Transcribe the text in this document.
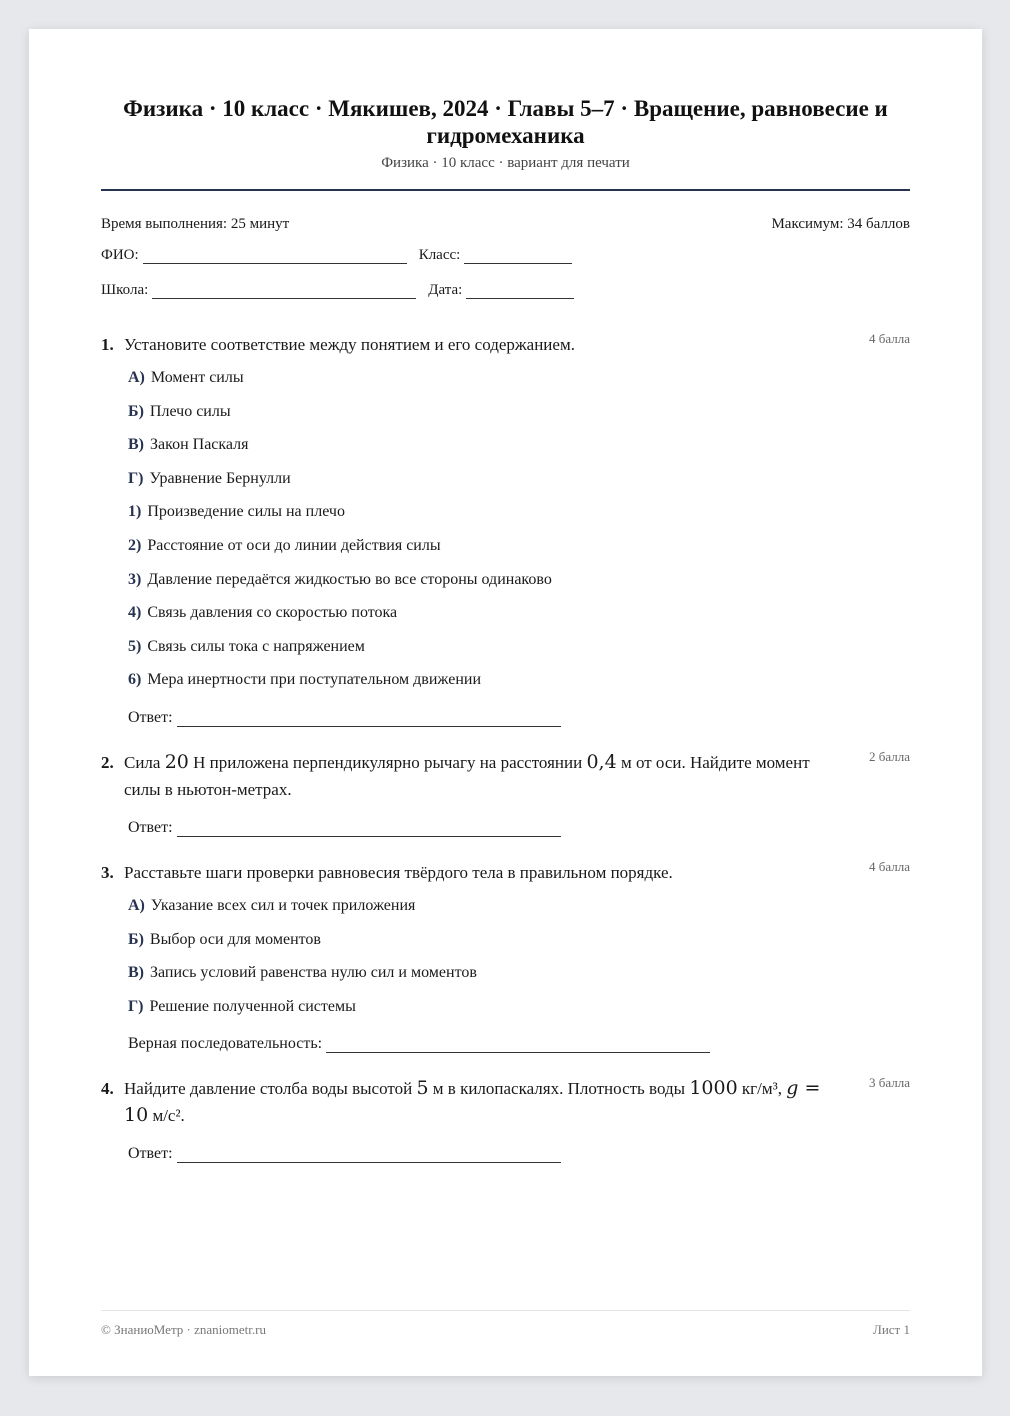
Физика · 10 класс · Мякишев, 2024 · Главы 5–7 · Вращение, равновесие и гидромеханика
Физика · 10 класс · вариант для печати
Время выполнения: 25 минут	Максимум: 34 баллов
ФИО:	Класс:
Школа:	Дата:
1. Установите соответствие между понятием и его содержанием.	4 балла
А) Момент силы
Б) Плечо силы
В) Закон Паскаля
Г) Уравнение Бернулли
1) Произведение силы на плечо
2) Расстояние от оси до линии действия силы
3) Давление передаётся жидкостью во все стороны одинаково
4) Связь давления со скоростью потока
5) Связь силы тока с напряжением
6) Мера инертности при поступательном движении
Ответ:
2. Сила 20 Н приложена перпендикулярно рычагу на расстоянии 0,4 м от оси. Найдите момент силы в ньютон-метрах.
2 балла
Ответ:
3. Расставьте шаги проверки равновесия твёрдого тела в правильном порядке.	4 балла
А) Указание всех сил и точек приложения
Б) Выбор оси для моментов
В) Запись условий равенства нулю сил и моментов
Г) Решение полученной системы
Верная последовательность:
4. Найдите давление столба воды высотой 5 м в килопаскалях. Плотность воды 1000 кг/м³, g = 10 м/с².
3 балла
Ответ:
© ЗнаниоМетр · znaniometr.ru	Лист 1
